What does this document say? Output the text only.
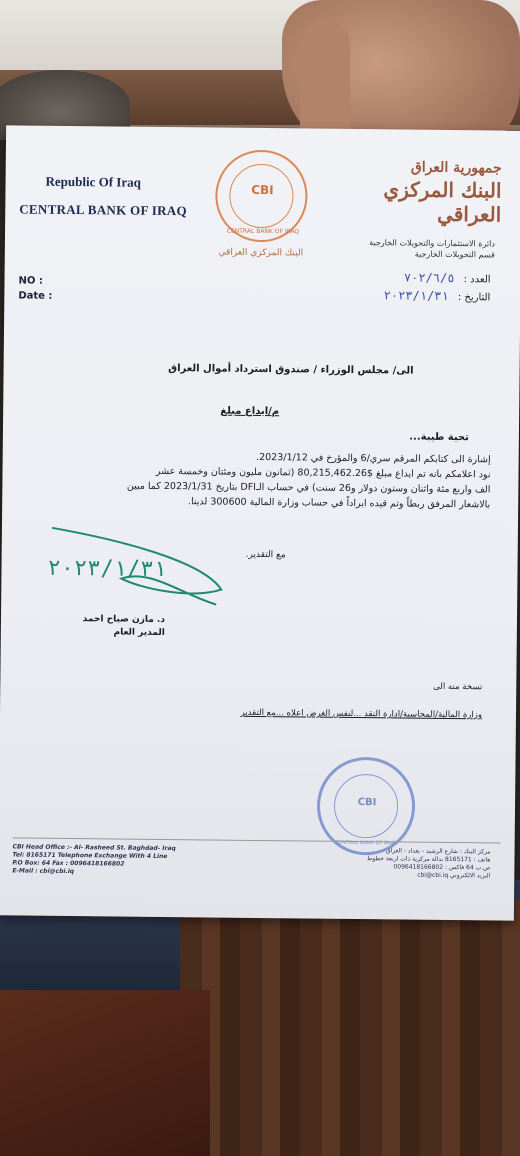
Republic Of Iraq
CENTRAL BANK OF IRAQ
CBI
CENTRAL BANK OF IRAQ
البنك المركزي العراقي
جمهورية العراق
البنك المركزي العراقي
دائرة الاستثمارات والتحويلات الخارجية
قسم التحويلات الخارجية
NO :
Date :
العدد : ٧٠٢/٦/٥
التاريخ : ٢٠٢٣/١/٣١
الى/ مجلس الوزراء / صندوق استرداد أموال العراق
م/ايداع مبلغ
تحية طيبة...

إشارة الى كتابكم المرقم سري/6 والمؤرخ في 2023/1/12.

نود اعلامكم بانه تم ايداع مبلغ $80,215,462.26 (ثمانون مليون ومئتان وخمسة عشر

الف واربع مئة واثنان وستون دولار و26 سنت) في حساب الـDFI بتاريخ 2023/1/31 كما مبين

بالاشعار المرفق ربطاً وتم قيده ايراداً في حساب وزارة المالية 300600 لدينا.

مع التقدير.
٢٠٢٣/١/٣١
د. مازن صباح احمد
المدير العام
نسخة منه الى
وزارة المالية/المحاسبة/ادارة النقد ...لنفس الغرض اعلاه ...مع التقدير
CBI
CENTRAL BANK OF IRAQ
CBI Head Office :- Al- Rasheed St. Baghdad- Iraq
Tel: 8165171 Telephone Exchange With 4 Line
P.O Box: 64 Fax : 0096418166802
E-Mail : cbi@cbi.iq
مركز البنك : شارع الرشيد - بغداد - العراق
هاتف : 8165171 بدالة مركزية ذات اربعة خطوط
ص.ب 64 فاكس : 0096418166802
البريد الالكتروني cbi@cbi.iq
